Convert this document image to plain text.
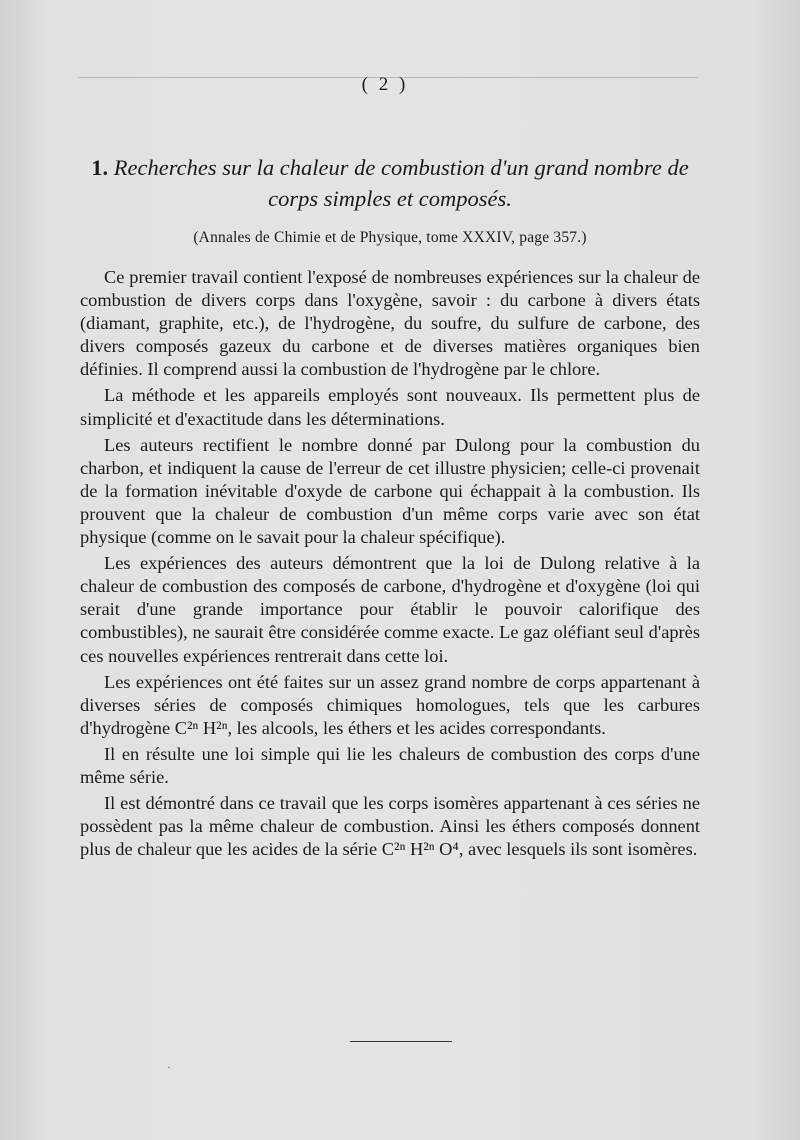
( 2 )
1. Recherches sur la chaleur de combustion d'un grand nombre de
corps simples et composés.
(Annales de Chimie et de Physique, tome XXXIV, page 357.)

Ce premier travail contient l'exposé de nombreuses expériences sur la chaleur de combustion de divers corps dans l'oxygène, savoir : du carbone à divers états (diamant, graphite, etc.), de l'hydrogène, du soufre, du sulfure de carbone, des divers composés gazeux du carbone et de diverses matières organiques bien définies. Il comprend aussi la combustion de l'hydrogène par le chlore.

La méthode et les appareils employés sont nouveaux. Ils permettent plus de simplicité et d'exactitude dans les déterminations.

Les auteurs rectifient le nombre donné par Dulong pour la combustion du charbon, et indiquent la cause de l'erreur de cet illustre physicien; celle-ci provenait de la formation inévitable d'oxyde de carbone qui échappait à la combustion. Ils prouvent que la chaleur de combustion d'un même corps varie avec son état physique (comme on le savait pour la chaleur spécifique).

Les expériences des auteurs démontrent que la loi de Dulong relative à la chaleur de combustion des composés de carbone, d'hydrogène et d'oxygène (loi qui serait d'une grande importance pour établir le pouvoir calorifique des combustibles), ne saurait être considérée comme exacte. Le gaz oléfiant seul d'après ces nouvelles expériences rentrerait dans cette loi.

Les expériences ont été faites sur un assez grand nombre de corps appartenant à diverses séries de composés chimiques homologues, tels que les carbures d'hydrogène C²ⁿ H²ⁿ, les alcools, les éthers et les acides correspondants.

Il en résulte une loi simple qui lie les chaleurs de combustion des corps d'une même série.

Il est démontré dans ce travail que les corps isomères appartenant à ces séries ne possèdent pas la même chaleur de combustion. Ainsi les éthers composés donnent plus de chaleur que les acides de la série C²ⁿ H²ⁿ O⁴, avec lesquels ils sont isomères.

·
